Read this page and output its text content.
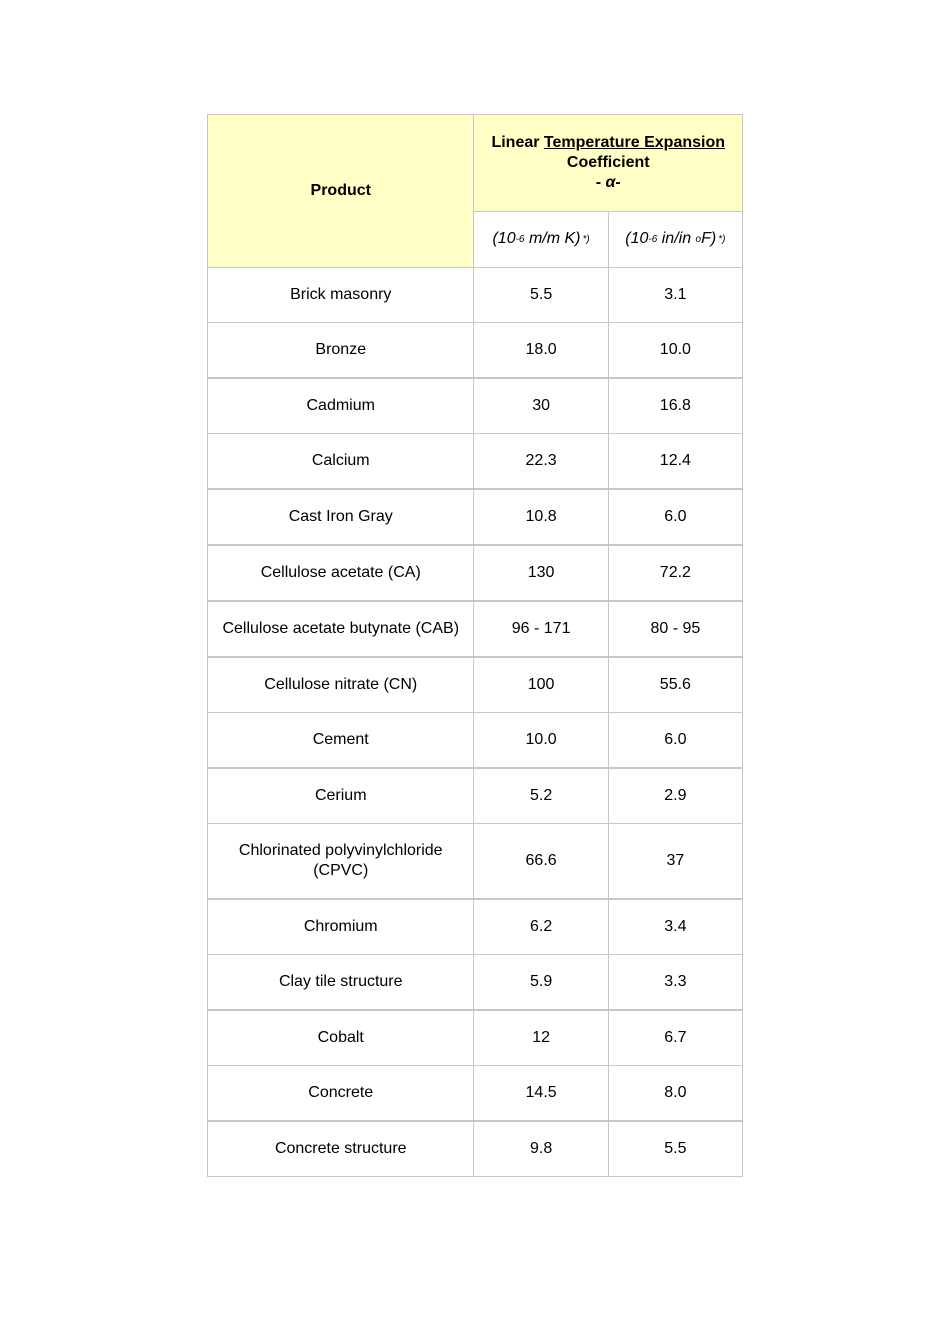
Product	Linear Temperature Expansion
Coefficient
- α-	

	(10-6 m/m K) *)	(10-6 in/in oF) *)
Brick masonry	5.5	3.1
Bronze	18.0	10.0
Cadmium	30	16.8
Calcium	22.3	12.4
Cast Iron Gray	10.8	6.0
Cellulose acetate (CA)	130	72.2
Cellulose acetate butynate (CAB)	96 - 171	80 - 95
Cellulose nitrate (CN)	100	55.6
Cement	10.0	6.0
Cerium	5.2	2.9
Chlorinated polyvinylchloride (CPVC)	66.6	37
Chromium	6.2	3.4
Clay tile structure	5.9	3.3
Cobalt	12	6.7
Concrete	14.5	8.0
Concrete structure	9.8	5.5
